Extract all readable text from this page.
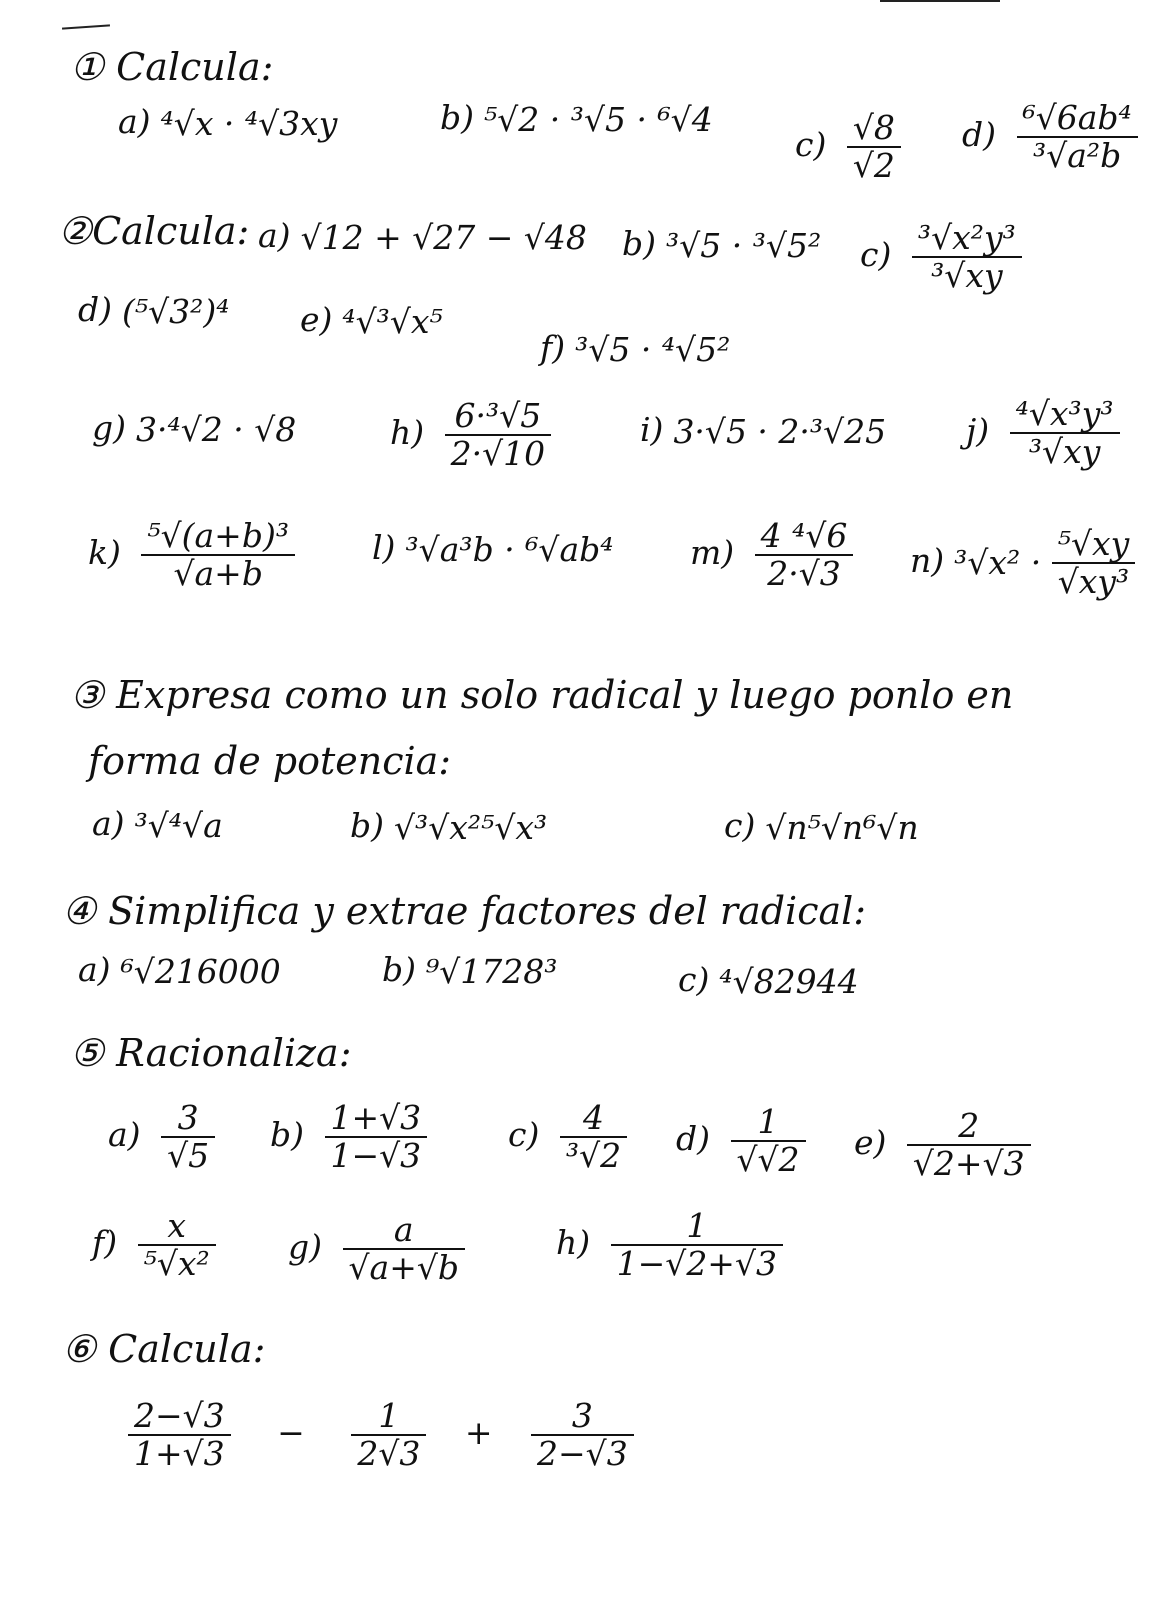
① Calcula:
a) ⁴√x · ⁴√3xy	b) ⁵√2 · ³√5 · ⁶√4
$c) \frac{√8}{√2} d) \frac{\text{⁶√6ab⁴}}{\text{³√a²b}}$
②Calcula: a) √12 + √27 − √48 b) ³√5 · ³√5² $c) \frac{\text{³√x²y³}}{\text{³√xy}}$
d) (⁵√3²)⁴ e) ⁴√³√x⁵
f) ³√5 · ⁴√5²
g) 3·⁴√2 · √8	$h) \frac{\text{6·³√5}}{2\cdot√10}$	i) 3·√5 · 2·³√25 $j) \frac{\text{⁴√x³y³}}{\text{³√xy}}$
$k) \frac{\text{⁵√(a+b)³}}{√a+b} l$) ³√a³b · ⁶√ab⁴ $m) \frac{\text{4 ⁴√6}}{2\cdot√3} n$) $^3√x^2 \cdot \frac{\text{⁵√xy}}{\text{√xy³}}$
③ Expresa como un solo radical y luego ponlo en
forma de potencia:
a) ³√⁴√a	b) √³√x²⁵√x³	c) √n⁵√n⁶√n
④ Simplifica y extrae factores del radical:
a) ⁶√216000	b) ⁹√1728³	c) ⁴√82944
⑤ Racionaliza:
$a) \frac{3}{√5} b) \frac{1+√3}{1-√3} c) \frac{4}{\text{³√2}} d) \frac{1}{√√2} e) \frac{2}{√2+√3}$
$f) \frac{x}{\text{⁵√x²}} g) \frac{a}{√a+√b}$	$h) \frac{1}{1-√2+√3}$
⑥ Calcula:
$\frac{2-√3}{1+√3} - \frac{1}{2√3} + \frac{3}{2-√3}$
